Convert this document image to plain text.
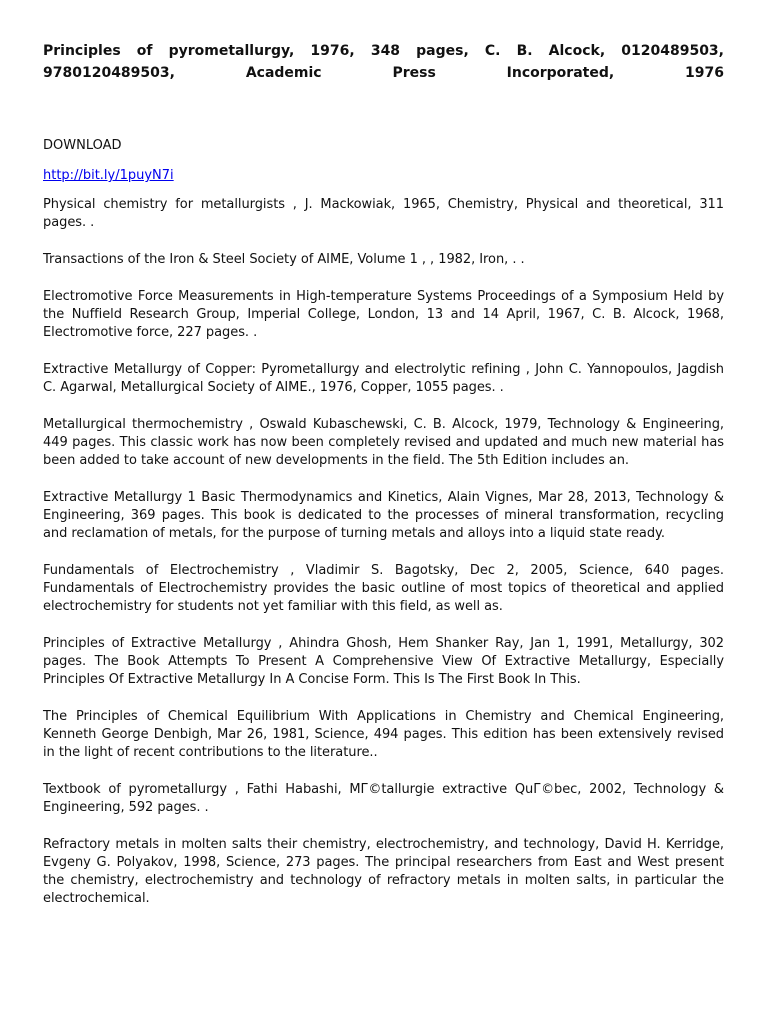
Principles of pyrometallurgy, 1976, 348 pages, C. B. Alcock, 0120489503, 9780120489503, Academic Press Incorporated, 1976
DOWNLOAD
http://bit.ly/1puyN7i

Physical chemistry for metallurgists , J. Mackowiak, 1965, Chemistry, Physical and theoretical, 311 pages. .

Transactions of the Iron & Steel Society of AIME, Volume 1 , , 1982, Iron, . .

Electromotive Force Measurements in High-temperature Systems Proceedings of a Symposium Held by the Nuffield Research Group, Imperial College, London, 13 and 14 April, 1967, C. B. Alcock, 1968, Electromotive force, 227 pages. .

Extractive Metallurgy of Copper: Pyrometallurgy and electrolytic refining , John C. Yannopoulos, Jagdish C. Agarwal, Metallurgical Society of AIME., 1976, Copper, 1055 pages. .

Metallurgical thermochemistry , Oswald Kubaschewski, C. B. Alcock, 1979, Technology & Engineering, 449 pages. This classic work has now been completely revised and updated and much new material has been added to take account of new developments in the field. The 5th Edition includes an.

Extractive Metallurgy 1 Basic Thermodynamics and Kinetics, Alain Vignes, Mar 28, 2013, Technology & Engineering, 369 pages. This book is dedicated to the processes of mineral transformation, recycling and reclamation of metals, for the purpose of turning metals and alloys into a liquid state ready.

Fundamentals of Electrochemistry , Vladimir S. Bagotsky, Dec 2, 2005, Science, 640 pages. Fundamentals of Electrochemistry provides the basic outline of most topics of theoretical and applied electrochemistry for students not yet familiar with this field, as well as.

Principles of Extractive Metallurgy , Ahindra Ghosh, Hem Shanker Ray, Jan 1, 1991, Metallurgy, 302 pages. The Book Attempts To Present A Comprehensive View Of Extractive Metallurgy, Especially Principles Of Extractive Metallurgy In A Concise Form. This Is The First Book In This.

The Principles of Chemical Equilibrium With Applications in Chemistry and Chemical Engineering, Kenneth George Denbigh, Mar 26, 1981, Science, 494 pages. This edition has been extensively revised in the light of recent contributions to the literature..

Textbook of pyrometallurgy , Fathi Habashi, MГ©tallurgie extractive QuГ©bec, 2002, Technology & Engineering, 592 pages. .

Refractory metals in molten salts their chemistry, electrochemistry, and technology, David H. Kerridge, Evgeny G. Polyakov, 1998, Science, 273 pages. The principal researchers from East and West present the chemistry, electrochemistry and technology of refractory metals in molten salts, in particular the electrochemical.
